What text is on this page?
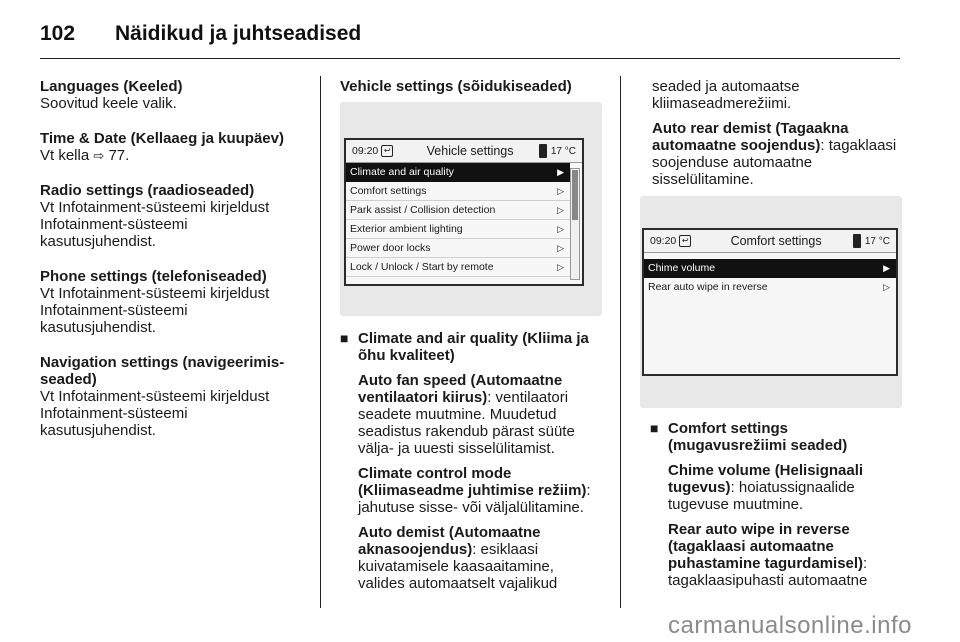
102	Näidikud ja juhtseadised
Languages (Keeled)
Soovitud keele valik.
Time & Date (Kellaaeg ja kuupäev)
Vt kella ⇨ 77.
Radio settings (raadioseaded)
Vt Infotainment-süsteemi kirjeldust Infotainment-süsteemi kasutusjuhendist.
Phone settings (telefoniseaded)
Vt Infotainment-süsteemi kirjeldust Infotainment-süsteemi kasutusjuhendist.
Navigation settings (navigeerimis-seaded)
Vt Infotainment-süsteemi kirjeldust Infotainment-süsteemi kasutusjuhendist.
Vehicle settings (sõidukiseaded)
09:20 ↩	Vehicle settings	17 °C
Climate and air quality	▶
Comfort settings	▷
Park assist / Collision detection	▷
Exterior ambient lighting	▷
Power door locks	▷
Lock / Unlock / Start by remote	▷
■ Climate and air quality (Kliima ja õhu kvaliteet)
Auto fan speed (Automaatne ventilaatori kiirus): ventilaatori seadete muutmine. Muudetud seadistus rakendub pärast süüte välja- ja uuesti sisselülitamist.
Climate control mode (Kliimaseadme juhtimise režiim): jahutuse sisse- või väljalülitamine.
Auto demist (Automaatne aknasoojendus): esiklaasi kuivatamisele kaasaaitamine, valides automaatselt vajalikud
seaded ja automaatse kliimaseadmerežiimi.
Auto rear demist (Tagaakna automaatne soojendus): tagaklaasi soojenduse automaatne sisselülitamine.
09:20 ↩	Comfort settings	17 °C
Chime volume	▶
Rear auto wipe in reverse	▷
■ Comfort settings (mugavusrežiimi seaded)
Chime volume (Helisignaali tugevus): hoiatussignaalide tugevuse muutmine.
Rear auto wipe in reverse (tagaklaasi automaatne puhastamine tagurdamisel): tagaklaasipuhasti automaatne
carmanualsonline.info
